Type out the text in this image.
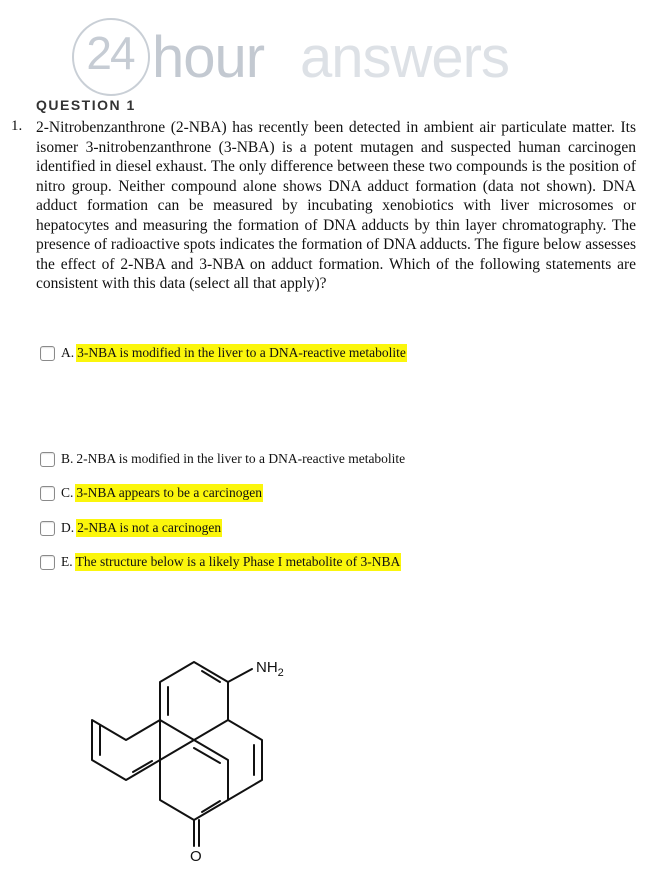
24 hour answers
QUESTION 1
1. 2-Nitrobenzanthrone (2-NBA) has recently been detected in ambient air particulate matter. Its isomer 3-nitrobenzanthrone (3-NBA) is a potent mutagen and suspected human carcinogen identified in diesel exhaust. The only difference between these two compounds is the position of nitro group. Neither compound alone shows DNA adduct formation (data not shown). DNA adduct formation can be measured by incubating xenobiotics with liver microsomes or hepatocytes and measuring the formation of DNA adducts by thin layer chromatography. The presence of radioactive spots indicates the formation of DNA adducts. The figure below assesses the effect of 2-NBA and 3-NBA on adduct formation. Which of the following statements are consistent with this data (select all that apply)?

A. 3-NBA is modified in the liver to a DNA-reactive metabolite
B. 2-NBA is modified in the liver to a DNA-reactive metabolite
C. 3-NBA appears to be a carcinogen
D. 2-NBA is not a carcinogen
E. The structure below is a likely Phase I metabolite of 3-NBA
$NH_2$
O
